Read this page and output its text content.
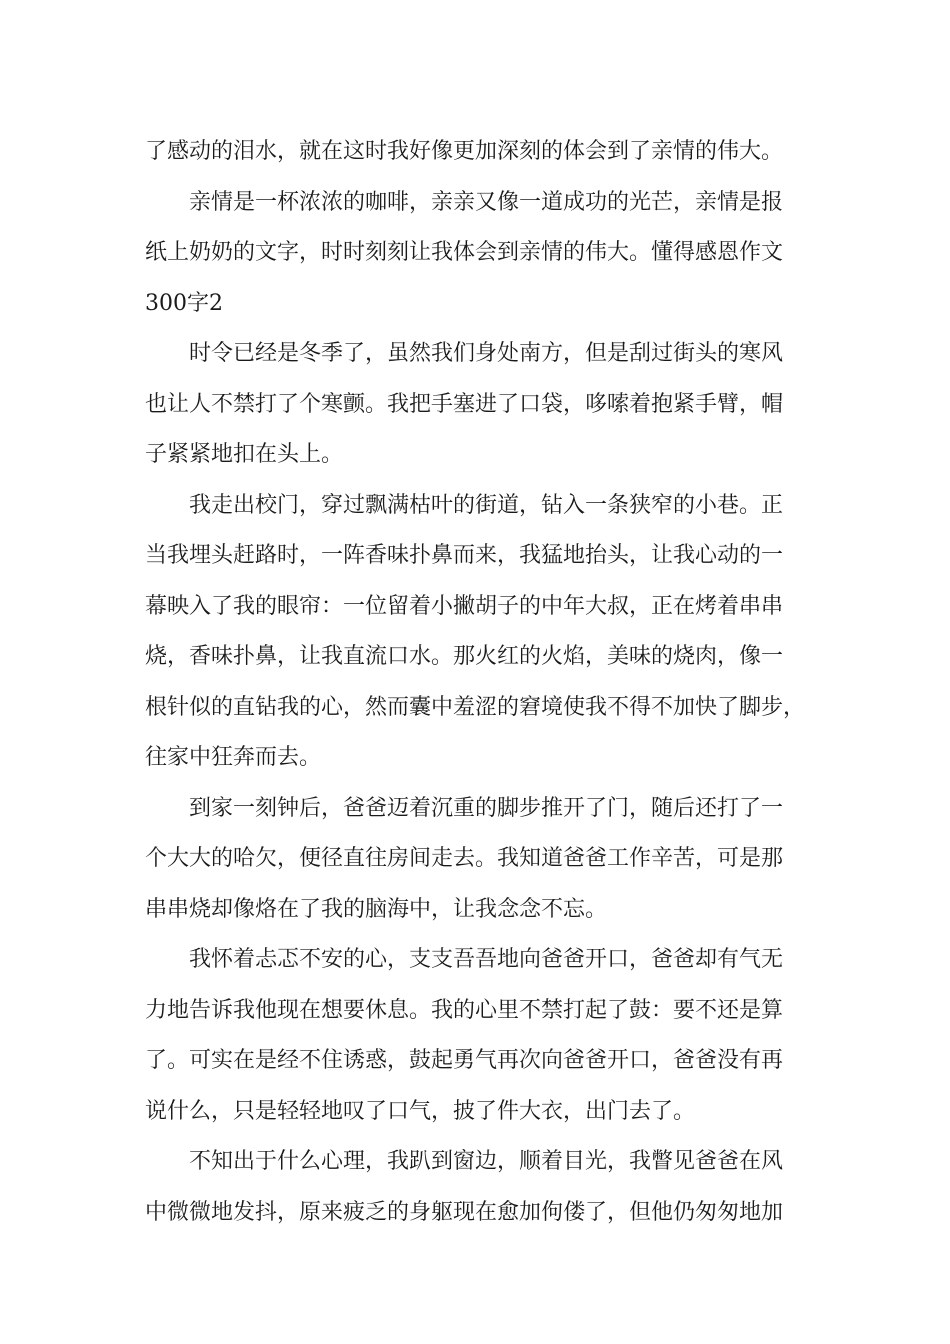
了感动的泪水，就在这时我好像更加深刻的体会到了亲情的伟大。
亲情是一杯浓浓的咖啡，亲亲又像一道成功的光芒，亲情是报
纸上奶奶的文字，时时刻刻让我体会到亲情的伟大。懂得感恩作文
300字2
时令已经是冬季了，虽然我们身处南方，但是刮过街头的寒风
也让人不禁打了个寒颤。我把手塞进了口袋，哆嗦着抱紧手臂，帽
子紧紧地扣在头上。
我走出校门，穿过飘满枯叶的街道，钻入一条狭窄的小巷。正
当我埋头赶路时，一阵香味扑鼻而来，我猛地抬头，让我心动的一
幕映入了我的眼帘：一位留着小撇胡子的中年大叔，正在烤着串串
烧，香味扑鼻，让我直流口水。那火红的火焰，美味的烧肉，像一
根针似的直钻我的心，然而囊中羞涩的窘境使我不得不加快了脚步，
往家中狂奔而去。
到家一刻钟后，爸爸迈着沉重的脚步推开了门，随后还打了一
个大大的哈欠，便径直往房间走去。我知道爸爸工作辛苦，可是那
串串烧却像烙在了我的脑海中，让我念念不忘。
我怀着忐忑不安的心，支支吾吾地向爸爸开口，爸爸却有气无
力地告诉我他现在想要休息。我的心里不禁打起了鼓：要不还是算
了。可实在是经不住诱惑，鼓起勇气再次向爸爸开口，爸爸没有再
说什么，只是轻轻地叹了口气，披了件大衣，出门去了。
不知出于什么心理，我趴到窗边，顺着目光，我瞥见爸爸在风
中微微地发抖，原来疲乏的身躯现在愈加佝偻了，但他仍匆匆地加
